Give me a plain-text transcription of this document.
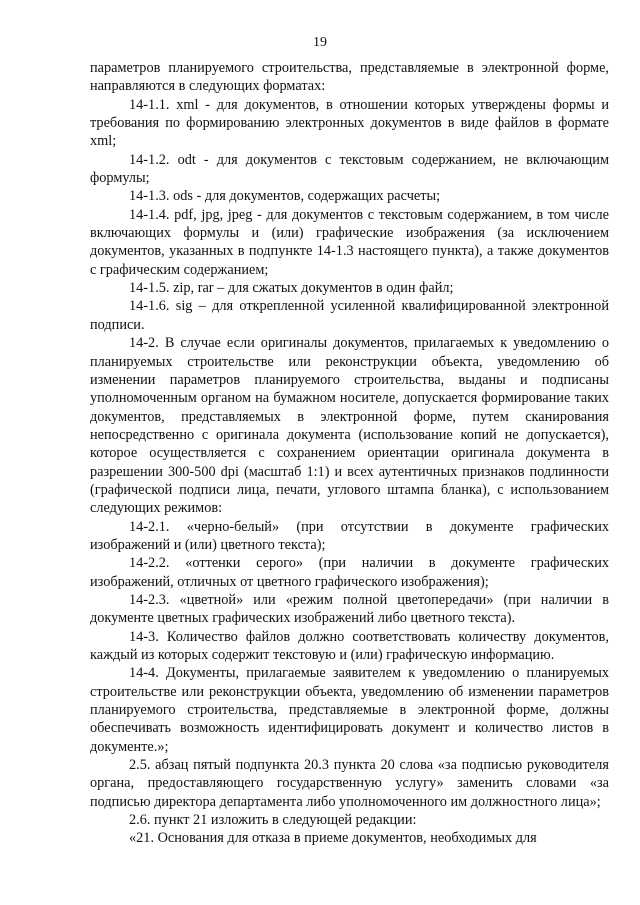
19

параметров планируемого строительства, представляемые в электронной форме, направляются в следующих форматах:

14-1.1. xml - для документов, в отношении которых утверждены формы и требования по формированию электронных документов в виде файлов в формате xml;

14-1.2. odt - для документов с текстовым содержанием, не включающим формулы;

14-1.3. ods - для документов, содержащих расчеты;

14-1.4. pdf, jpg, jpeg - для документов с текстовым содержанием, в том числе включающих формулы и (или) графические изображения (за исключением документов, указанных в подпункте 14-1.3 настоящего пункта), а также документов с графическим содержанием;

14-1.5. zip, rar – для сжатых документов в один файл;

14-1.6. sig – для открепленной усиленной квалифицированной электронной подписи.

14-2. В случае если оригиналы документов, прилагаемых к уведомлению о планируемых строительстве или реконструкции объекта, уведомлению об изменении параметров планируемого строительства, выданы и подписаны уполномоченным органом на бумажном носителе, допускается формирование таких документов, представляемых в электронной форме, путем сканирования непосредственно с оригинала документа (использование копий не допускается), которое осуществляется с сохранением ориентации оригинала документа в разрешении 300-500 dpi (масштаб 1:1) и всех аутентичных признаков подлинности (графической подписи лица, печати, углового штампа бланка), с использованием следующих режимов:

14-2.1. «черно-белый» (при отсутствии в документе графических изображений и (или) цветного текста);

14-2.2. «оттенки серого» (при наличии в документе графических изображений, отличных от цветного графического изображения);

14-2.3. «цветной» или «режим полной цветопередачи» (при наличии в документе цветных графических изображений либо цветного текста).

14-3. Количество файлов должно соответствовать количеству документов, каждый из которых содержит текстовую и (или) графическую информацию.

14-4. Документы, прилагаемые заявителем к уведомлению о планируемых строительстве или реконструкции объекта, уведомлению об изменении параметров планируемого строительства, представляемые в электронной форме, должны обеспечивать возможность идентифицировать документ и количество листов в документе.»;

2.5. абзац пятый подпункта 20.3 пункта 20 слова «за подписью руководителя органа, предоставляющего государственную услугу» заменить словами «за подписью директора департамента либо уполномоченного им должностного лица»;

2.6. пункт 21 изложить в следующей редакции:

«21. Основания для отказа в приеме документов, необходимых для
